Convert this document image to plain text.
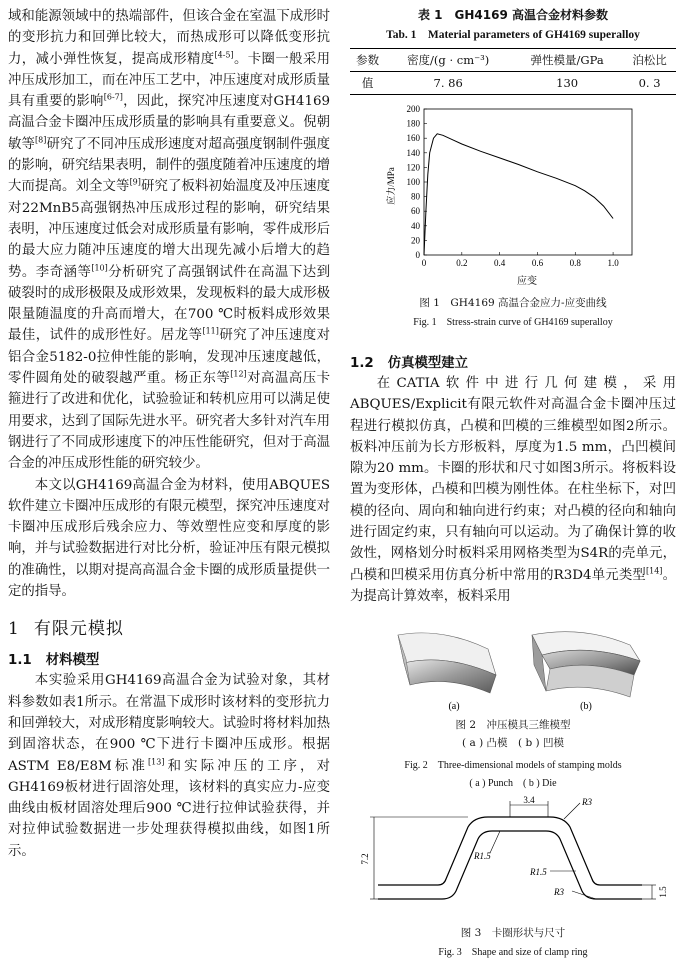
域和能源领域中的热端部件，但该合金在室温下成形时的变形抗力和回弹比较大，而热成形可以降低变形抗力，减小弹性恢复，提高成形精度[4-5]。卡圈一般采用冲压成形加工，而在冲压工艺中，冲压速度对成形质量具有重要的影响[6-7]，因此，探究冲压速度对GH4169高温合金卡圈冲压成形质量的影响具有重要意义。倪朝敏等[8]研究了不同冲压成形速度对超高强度钢制件强度的影响，研究结果表明，制件的强度随着冲压速度的增大而提高。刘全文等[9]研究了板料初始温度及冲压速度对22MnB5高强钢热冲压成形过程的影响，研究结果表明，冲压速度过低会对成形质量有影响，零件成形后的最大应力随冲压速度的增大出现先减小后增大的趋势。李奇涵等[10]分析研究了高强钢试件在高温下达到破裂时的成形极限及成形效果，发现板料的最大成形极限量随温度的升高而增大，在700 ℃时板料成形效果最佳，试件的成形性好。居龙等[11]研究了冲压速度对铝合金5182-0拉伸性能的影响，发现冲压速度越低，零件圆角处的破裂越严重。杨正东等[12]对高温高压卡箍进行了改进和优化，试验验证和转机应用可以满足使用要求，达到了国际先进水平。研究者大多针对汽车用钢进行了不同成形速度下的冲压性能研究，但对于高温合金的冲压成形性能的研究较少。

本文以GH4169高温合金为材料，使用ABQUES软件建立卡圈冲压成形的有限元模型，探究冲压速度对卡圈冲压成形后残余应力、等效塑性应变和厚度的影响，并与试验数据进行对比分析，验证冲压有限元模拟的准确性，以期对提高高温合金卡圈的成形质量提供一定的指导。

1 有限元模拟
1.1 材料模型

本实验采用GH4169高温合金为试验对象，其材料参数如表1所示。在常温下成形时该材料的变形抗力和回弹较大，对成形精度影响较大。试验时将材料加热到固溶状态，在900 ℃下进行卡圈冲压成形。根据ASTM E8/E8M标准[13]和实际冲压的工序，对GH4169板材进行固溶处理，该材料的真实应力-应变曲线由板材固溶处理后900 ℃进行拉伸试验获得，并对拉伸试验数据进一步处理获得模拟曲线，如图1所示。

表 1　GH4169 高温合金材料参数
Tab. 1　Material parameters of GH4169 superalloy
参数	密度/(g · cm⁻³)	弹性模量/GPa	泊松比
值	7. 86	130	0. 3
0	0.2	0.4	0.6	0.8	1.0
0
20
40
60
80
100
120
140
160
180
200
应变
应力/MPa
图 1　GH4169 高温合金应力-应变曲线
Fig. 1　Stress-strain curve of GH4169 superalloy
1.2 仿真模型建立

在CATIA软件中进行几何建模，采用ABQUES/Explicit有限元软件对高温合金卡圈冲压过程进行模拟仿真，凸模和凹模的三维模型如图2所示。板料冲压前为长方形板料，厚度为1.5 mm，凸凹模间隙为20 mm。卡圈的形状和尺寸如图3所示。将板料设置为变形体，凸模和凹模为刚性体。在柱坐标下，对凹模的径向、周向和轴向进行约束；对凸模的径向和轴向进行固定约束，只有轴向可以运动。为了确保计算的收敛性，网格划分时板料采用网格类型为S4R的壳单元，凸模和凹模采用仿真分析中常用的R3D4单元类型[14]。为提高计算效率，板料采用

(a)	(b)
图 2　冲压模具三维模型
( a ) 凸模　( b ) 凹模
Fig. 2　Three-dimensional models of stamping molds
( a ) Punch　( b ) Die
3.4	R3
R1.5
R1.5
R3
7.2
1.5
图 3　卡圈形状与尺寸
Fig. 3　Shape and size of clamp ring
